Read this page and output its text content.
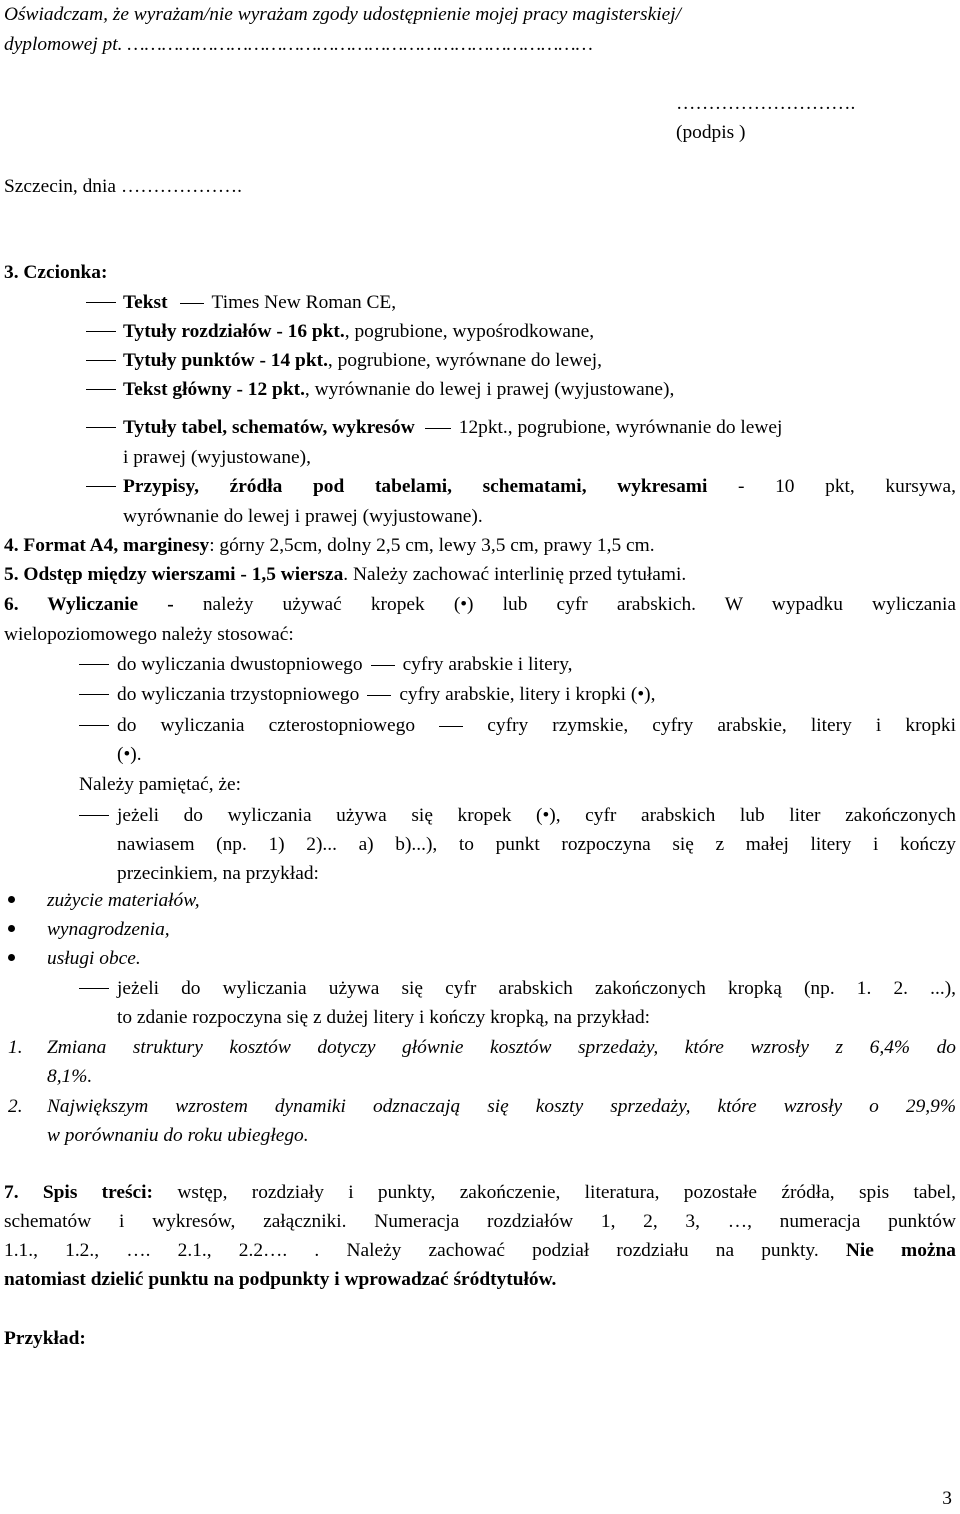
Oświadczam, że wyrażam/nie wyrażam zgody udostępnienie mojej pracy magisterskiej/
dyplomowej pt. ………………………………………………………………………
……………………….
(podpis )
Szczecin, dnia ……………….
3. Czcionka:
Tekst Times New Roman CE,
Tytuły rozdziałów - 16 pkt., pogrubione, wypośrodkowane,
Tytuły punktów - 14 pkt., pogrubione, wyrównane do lewej,
Tekst główny - 12 pkt., wyrównanie do lewej i prawej (wyjustowane),
Tytuły tabel, schematów, wykresów 12pkt., pogrubione, wyrównanie do lewej
i prawej (wyjustowane),
Przypisy, źródła pod tabelami, schematami, wykresami - 10 pkt, kursywa,
wyrównanie do lewej i prawej (wyjustowane).
4. Format A4, marginesy: górny 2,5cm, dolny 2,5 cm, lewy 3,5 cm, prawy 1,5 cm.
5. Odstęp między wierszami - 1,5 wiersza. Należy zachować interlinię przed tytułami.
6. Wyliczanie - należy używać kropek (•) lub cyfr arabskich. W wypadku wyliczania
wielopoziomowego należy stosować:
do wyliczania dwustopniowego cyfry arabskie i litery,
do wyliczania trzystopniowego cyfry arabskie, litery i kropki (•),
do wyliczania czterostopniowego	cyfry rzymskie, cyfry arabskie, litery i kropki
(•).
Należy pamiętać, że:
jeżeli do wyliczania używa się kropek (•), cyfr arabskich lub liter zakończonych
nawiasem (np. 1) 2)... a) b)...), to punkt rozpoczyna się z małej litery i kończy
przecinkiem, na przykład:
zużycie materiałów,
wynagrodzenia,
usługi obce.
jeżeli do wyliczania używa się cyfr arabskich zakończonych kropką (np. 1. 2. ...),
to zdanie rozpoczyna się z dużej litery i kończy kropką, na przykład:
1. Zmiana struktury kosztów dotyczy głównie kosztów sprzedaży, które wzrosły z 6,4% do
8,1%.
2. Największym wzrostem dynamiki odznaczają się koszty sprzedaży, które wzrosły o 29,9%
w porównaniu do roku ubiegłego.
7. Spis treści: wstęp, rozdziały i punkty, zakończenie, literatura, pozostałe źródła, spis tabel,
schematów i wykresów, załączniki. Numeracja rozdziałów 1, 2, 3, …, numeracja punktów
1.1., 1.2., …. 2.1., 2.2…. . Należy zachować podział rozdziału na punkty. Nie można
natomiast dzielić punktu na podpunkty i wprowadzać śródtytułów.
Przykład:
3
